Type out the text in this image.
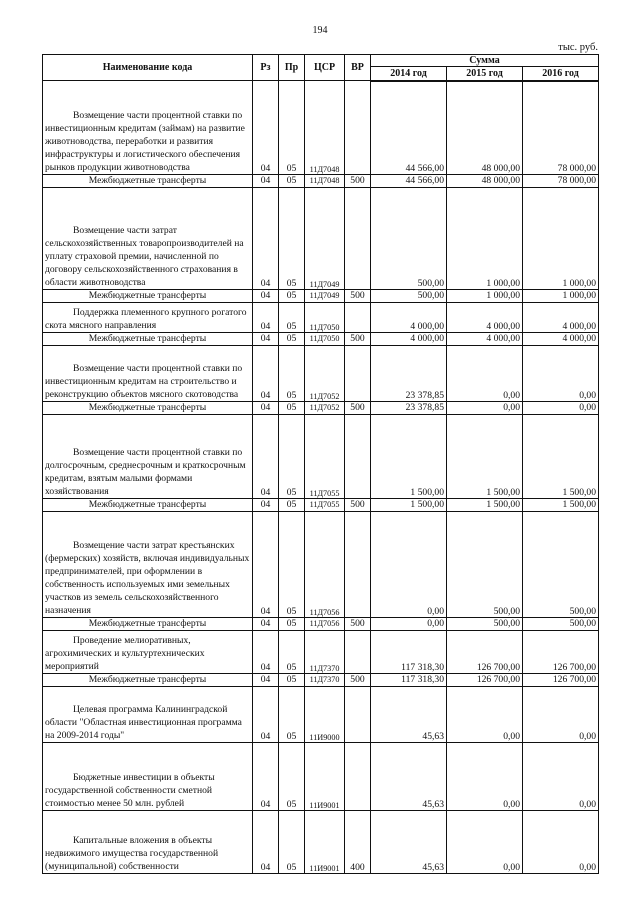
194
тыс. руб.
Наименование кода	Рз	Пр	ЦСР	ВР	Сумма		
					2014 год	2015 год	2016 год
Возмещение части процентной ставки по инвестиционным кредитам (займам) на развитие животноводства, переработки и развития инфраструктуры и логистического обеспечения рынков продукции животноводства	04	05	11Д7048		44 566,00	48 000,00	78 000,00
Межбюджетные трансферты	04	05	11Д7048	500	44 566,00	48 000,00	78 000,00
Возмещение части затрат сельскохозяйственных товаропроизводителей на уплату страховой премии, начисленной по договору сельскохозяйственного страхования в области животноводства	04	05	11Д7049		500,00	1 000,00	1 000,00
Межбюджетные трансферты	04	05	11Д7049	500	500,00	1 000,00	1 000,00
Поддержка племенного крупного рогатого скота мясного направления	04	05	11Д7050		4 000,00	4 000,00	4 000,00
Межбюджетные трансферты	04	05	11Д7050	500	4 000,00	4 000,00	4 000,00
Возмещение части процентной ставки по инвестиционным кредитам на строительство и реконструкцию объектов мясного скотоводства	04	05	11Д7052		23 378,85	0,00	0,00
Межбюджетные трансферты	04	05	11Д7052	500	23 378,85	0,00	0,00
Возмещение части процентной ставки по долгосрочным, среднесрочным и краткосрочным кредитам, взятым малыми формами хозяйствования	04	05	11Д7055		1 500,00	1 500,00	1 500,00
Межбюджетные трансферты	04	05	11Д7055	500	1 500,00	1 500,00	1 500,00
Возмещение части затрат крестьянских (фермерских) хозяйств, включая индивидуальных предпринимателей, при оформлении в собственность используемых ими земельных участков из земель сельскохозяйственного назначения	04	05	11Д7056		0,00	500,00	500,00
Межбюджетные трансферты	04	05	11Д7056	500	0,00	500,00	500,00
Проведение мелиоративных, агрохимических и культуртехнических мероприятий	04	05	11Д7370		117 318,30	126 700,00	126 700,00
Межбюджетные трансферты	04	05	11Д7370	500	117 318,30	126 700,00	126 700,00
Целевая программа Калининградской области "Областная инвестиционная программа на 2009-2014 годы"	04	05	11И9000		45,63	0,00	0,00
Бюджетные инвестиции в объекты государственной собственности сметной стоимостью менее 50 млн. рублей	04	05	11И9001		45,63	0,00	0,00
Капитальные вложения в объекты недвижимого имущества государственной (муниципальной) собственности	04	05	11И9001	400	45,63	0,00	0,00
